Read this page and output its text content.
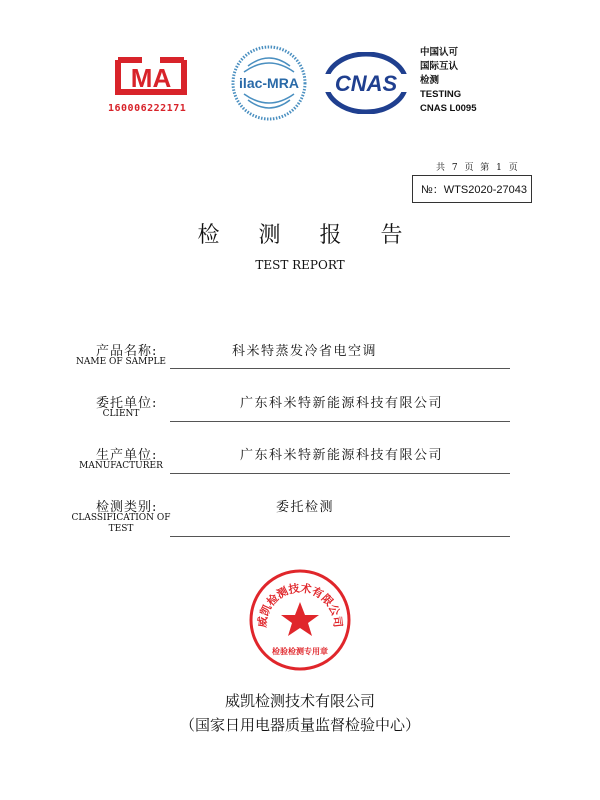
MA
160006222171
ilac-MRA CNAS
中国认可
国际互认
检测
TESTING
CNAS L0095
共 7 页 第 1 页
№：WTS2020-27043
检 测 报 告
TEST REPORT
产品名称:
NAME OF SAMPLE
科米特蒸发冷省电空调
委托单位:
CLIENT
广东科米特新能源科技有限公司
生产单位:
MANUFACTURER
广东科米特新能源科技有限公司
检测类别:
CLASSIFICATION OF TEST
委托检测
威凯检测技术有限公司
检验检测专用章
威凯检测技术有限公司
（国家日用电器质量监督检验中心）
